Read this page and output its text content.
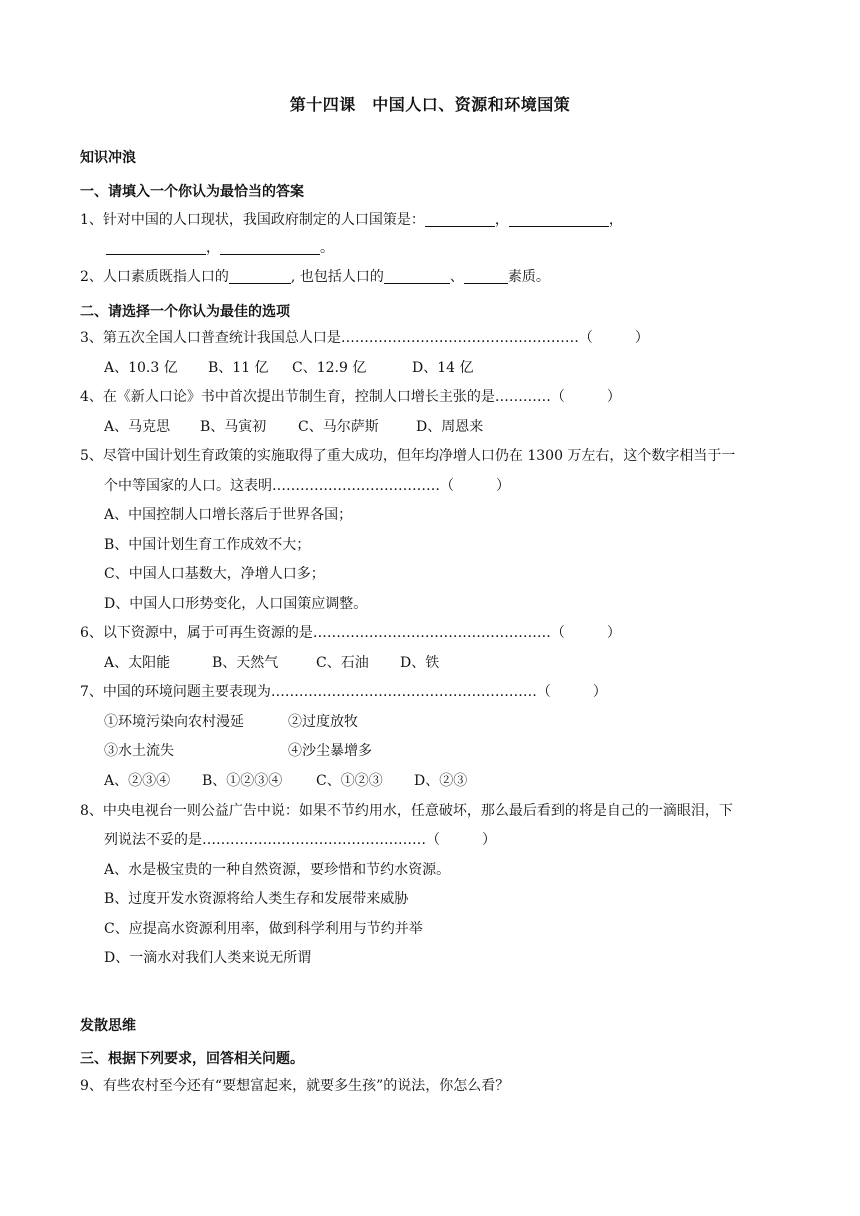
第十四课　中国人口、资源和环境国策
知识冲浪
一、请填入一个你认为最恰当的答案
1、针对中国的人口现状，我国政府制定的人口国策是：	，	，
，	。
2、人口素质既指人口的	, 也包括人口的	、	素质。
二、请选择一个你认为最佳的选项
3、第五次全国人口普查统计我国总人口是……………………………………………（　　　）
A、10.3 亿 B、11 亿 C、12.9 亿	D、14 亿
4、在《新人口论》书中首次提出节制生育，控制人口增长主张的是…………（　　　）
A、马克思 B、马寅初 C、马尔萨斯	D、周恩来
5、尽管中国计划生育政策的实施取得了重大成功，但年均净增人口仍在 1300 万左右，这个数字相当于一
个中等国家的人口。这表明………………………………（　　　）
A、中国控制人口增长落后于世界各国；
B、中国计划生育工作成效不大；
C、中国人口基数大，净增人口多；
D、中国人口形势变化，人口国策应调整。
6、以下资源中，属于可再生资源的是……………………………………………（　　　）
A、太阳能	B、天然气	C、石油 D、铁
7、中国的环境问题主要表现为…………………………………………………（　　　）
①环境污染向农村漫延	②过度放牧
③水土流失	④沙尘暴增多
A、②③④ B、①②③④ C、①②③ D、②③
8、中央电视台一则公益广告中说：如果不节约用水，任意破坏，那么最后看到的将是自己的一滴眼泪，下
列说法不妥的是…………………………………………（　　　）
A、水是极宝贵的一种自然资源，要珍惜和节约水资源。
B、过度开发水资源将给人类生存和发展带来威胁
C、应提高水资源利用率，做到科学利用与节约并举
D、一滴水对我们人类来说无所谓
发散思维
三、根据下列要求，回答相关问题。
9、有些农村至今还有“要想富起来，就要多生孩”的说法，你怎么看？
